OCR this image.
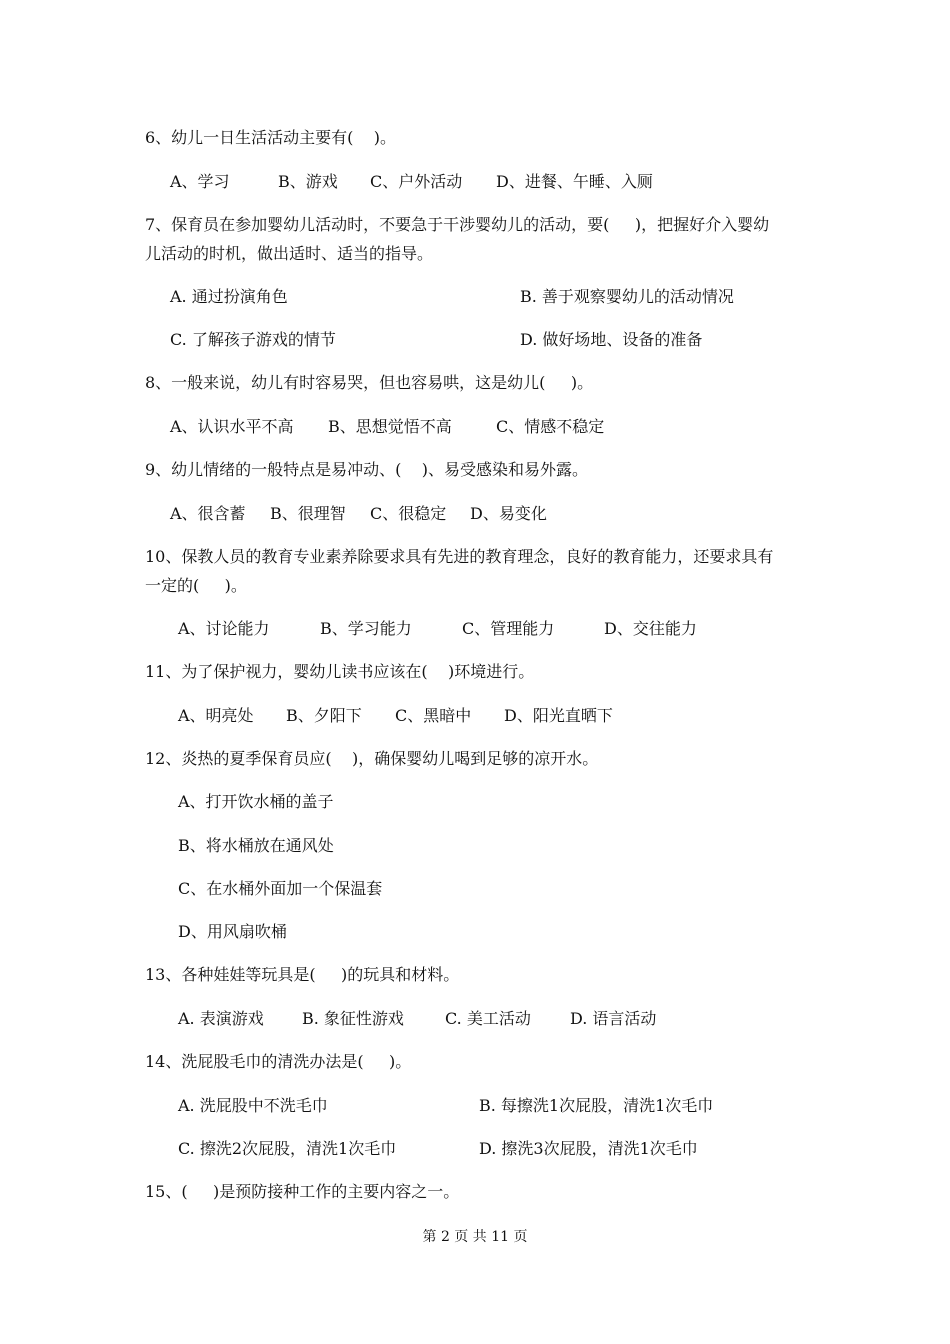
6、幼儿一日生活活动主要有(    )。
A、学习	B、游戏 C、户外活动 D、进餐、午睡、入厕
7、保育员在参加婴幼儿活动时，不要急于干涉婴幼儿的活动，要(     )，把握好介入婴幼
儿活动的时机，做出适时、适当的指导。
A. 通过扮演角色	B. 善于观察婴幼儿的活动情况
C. 了解孩子游戏的情节	D. 做好场地、设备的准备
8、一般来说，幼儿有时容易哭，但也容易哄，这是幼儿(     )。
A、认识水平不高 B、思想觉悟不高	C、情感不稳定
9、幼儿情绪的一般特点是易冲动、(    )、易受感染和易外露。
A、很含蓄 B、很理智 C、很稳定 D、易变化
10、保教人员的教育专业素养除要求具有先进的教育理念，良好的教育能力，还要求具有
一定的(     )。
A、讨论能力	B、学习能力	C、管理能力	D、交往能力
11、为了保护视力，婴幼儿读书应该在(    )环境进行。
A、明亮处 B、夕阳下 C、黑暗中 D、阳光直晒下
12、炎热的夏季保育员应(    )，确保婴幼儿喝到足够的凉开水。
A、打开饮水桶的盖子
B、将水桶放在通风处
C、在水桶外面加一个保温套
D、用风扇吹桶
13、各种娃娃等玩具是(     )的玩具和材料。
A. 表演游戏 B. 象征性游戏	C. 美工活动 D. 语言活动
14、洗屁股毛巾的清洗办法是(     )。
A. 洗屁股中不洗毛巾	B. 每擦洗1次屁股，清洗1次毛巾
C. 擦洗2次屁股，清洗1次毛巾	D. 擦洗3次屁股，清洗1次毛巾
15、(     )是预防接种工作的主要内容之一。
第 2 页 共 11 页
